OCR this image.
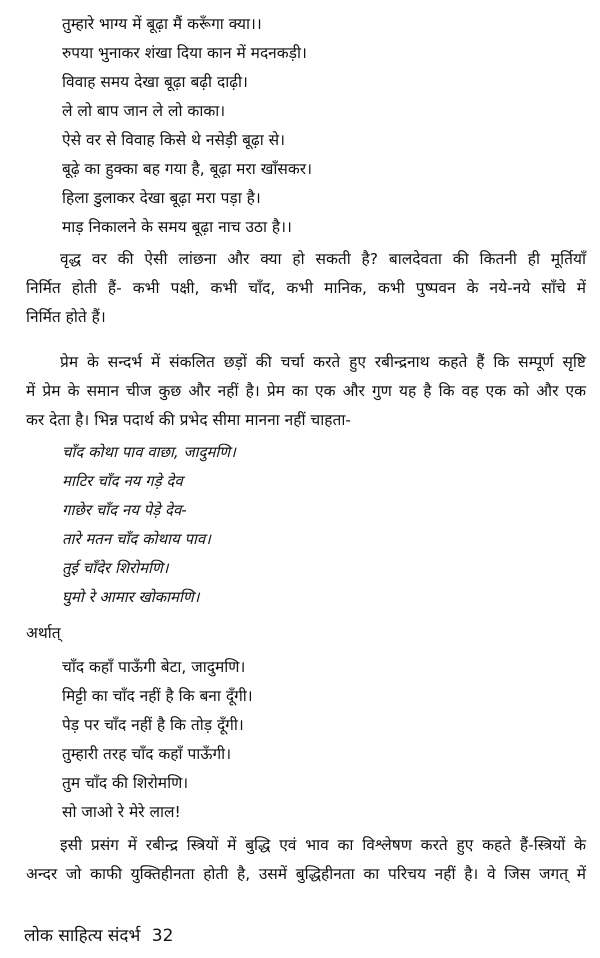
तुम्हारे भाग्य में बूढ़ा मैं करूँगा क्या।।
रुपया भुनाकर शंखा दिया कान में मदनकड़ी।
विवाह समय देखा बूढ़ा बढ़ी दाढ़ी।
ले लो बाप जान ले लो काका।
ऐसे वर से विवाह किसे थे नसेड़ी बूढ़ा से।
बूढ़े का हुक्का बह गया है, बूढ़ा मरा खाँसकर।
हिला डुलाकर देखा बूढ़ा मरा पड़ा है।
माड़ निकालने के समय बूढ़ा नाच उठा है।।

वृद्ध वर की ऐसी लांछना और क्या हो सकती है? बालदेवता की कितनी ही मूर्तियाँ
निर्मित होती हैं- कभी पक्षी, कभी चाँद, कभी मानिक, कभी पुष्पवन के नये-नये साँचे में
निर्मित होते हैं।

प्रेम के सन्दर्भ में संकलित छड़ों की चर्चा करते हुए रबीन्द्रनाथ कहते हैं कि सम्पूर्ण सृष्टि
में प्रेम के समान चीज कुछ और नहीं है। प्रेम का एक और गुण यह है कि वह एक को और एक
कर देता है। भिन्न पदार्थ की प्रभेद सीमा मानना नहीं चाहता-

चाँद कोथा पाव वाछा, जादुमणि।
माटिर चाँद नय गड़े देव
गाछेर चाँद नय पेड़े देव-
तारे मतन चाँद कोथाय पाव।
तुई चाँदेर शिरोमणि।
घुमो रे आमार खोकामणि।
अर्थात्
चाँद कहाँ पाऊँगी बेटा, जादुमणि।
मिट्टी का चाँद नहीं है कि बना दूँगी।
पेड़ पर चाँद नहीं है कि तोड़ दूँगी।
तुम्हारी तरह चाँद कहाँ पाऊँगी।
तुम चाँद की शिरोमणि।
सो जाओ रे मेरे लाल!

इसी प्रसंग में रबीन्द्र स्त्रियों में बुद्धि एवं भाव का विश्लेषण करते हुए कहते हैं-स्त्रियों के
अन्दर जो काफी युक्तिहीनता होती है, उसमें बुद्धिहीनता का परिचय नहीं है। वे जिस जगत् में

लोक साहित्य संदर्भ 32
